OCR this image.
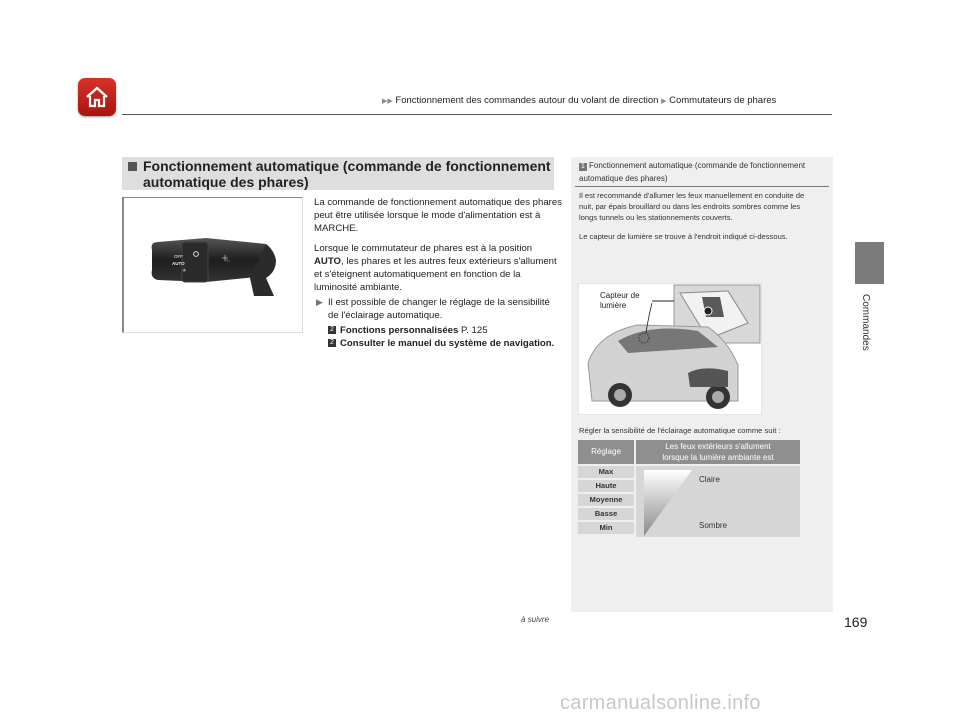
▶▶ Fonctionnement des commandes autour du volant de direction ▶ Commutateurs de phares
Commandes
Fonctionnement automatique (commande de fonctionnement
automatique des phares)
OFF
AUTO
☀
≡○

La commande de fonctionnement automatique des phares peut être utilisée lorsque le mode d'alimentation est à MARCHE.

Lorsque le commutateur de phares est à la position AUTO, les phares et les autres feux extérieurs s'allument et s'éteignent automatiquement en fonction de la luminosité ambiante.

▶ Il est possible de changer le réglage de la sensibilité de l'éclairage automatique.
2 Fonctions personnalisées P. 125
2 Consulter le manuel du système de navigation.
1 Fonctionnement automatique (commande de fonctionnement automatique des phares)

Il est recommandé d'allumer les feux manuellement en conduite de nuit, par épais brouillard ou dans les endroits sombres comme les longs tunnels ou les stationnements couverts.

Le capteur de lumière se trouve à l'endroit indiqué ci-dessous.

Capteur de
lumière
Régler la sensibilité de l'éclairage automatique comme suit :
Réglage
Les feux extérieurs s'allument
lorsque la lumière ambiante est
Max
Haute
Moyenne
Basse
Min
Claire
Sombre
à suivre	169
carmanualsonline.info
